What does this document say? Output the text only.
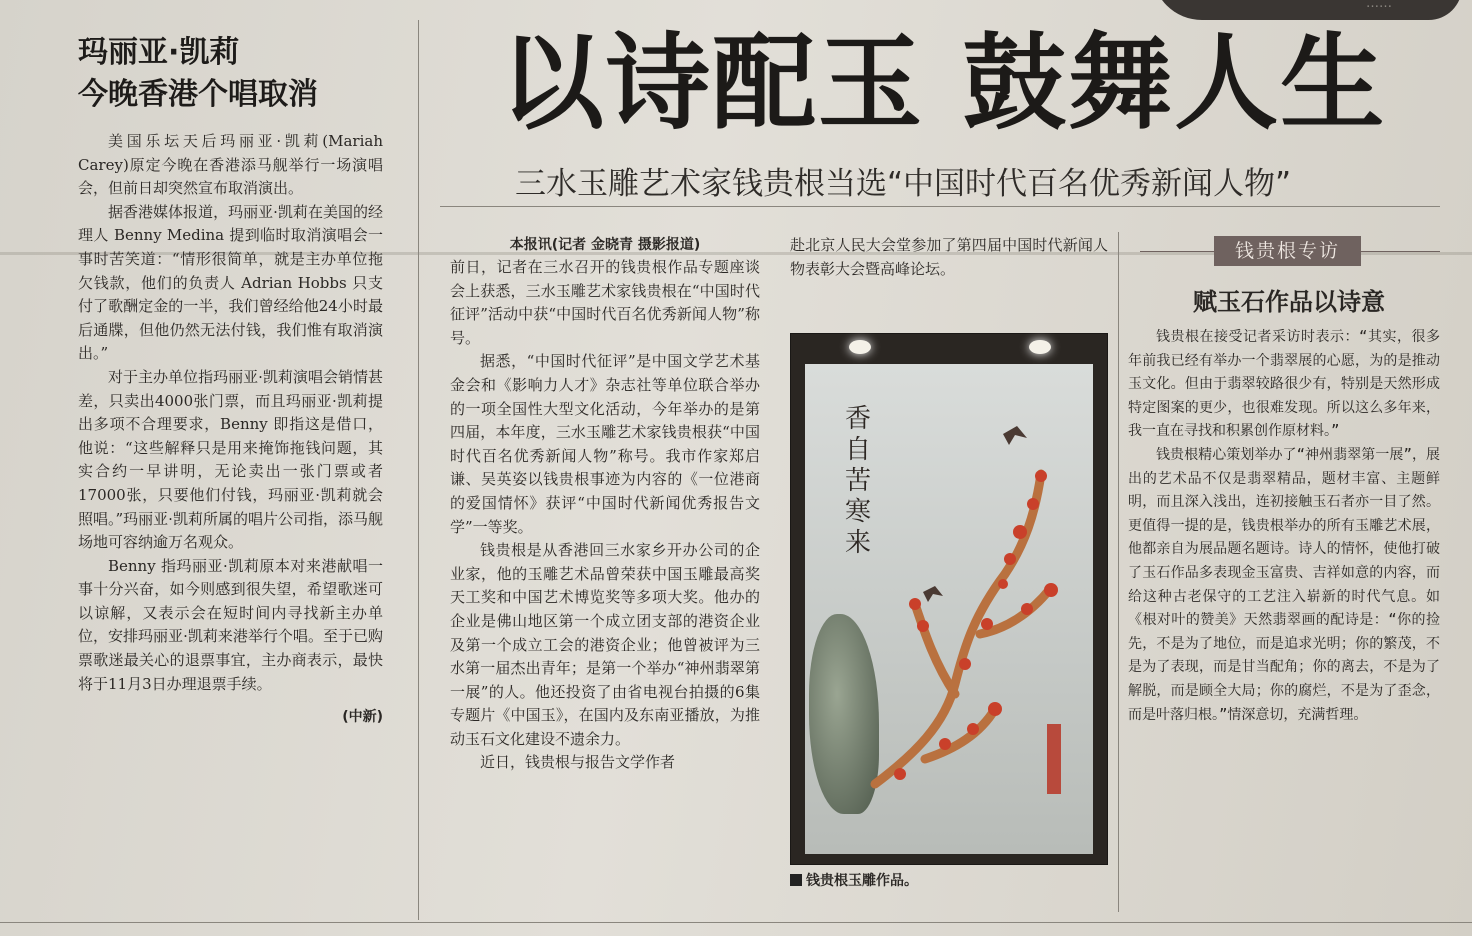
……
玛丽亚·凯莉
今晚香港个唱取消

美国乐坛天后玛丽亚·凯莉(Mariah Carey)原定今晚在香港添马舰举行一场演唱会，但前日却突然宣布取消演出。

据香港媒体报道，玛丽亚·凯莉在美国的经理人 Benny Medina 提到临时取消演唱会一事时苦笑道：“情形很简单，就是主办单位拖欠钱款，他们的负责人 Adrian Hobbs 只支付了歌酬定金的一半，我们曾经给他24小时最后通牒，但他仍然无法付钱，我们惟有取消演出。”

对于主办单位指玛丽亚·凯莉演唱会销情甚差，只卖出4000张门票，而且玛丽亚·凯莉提出多项不合理要求，Benny 即指这是借口，他说：“这些解释只是用来掩饰拖钱问题，其实合约一早讲明，无论卖出一张门票或者17000张，只要他们付钱，玛丽亚·凯莉就会照唱。”玛丽亚·凯莉所属的唱片公司指，添马舰场地可容纳逾万名观众。

Benny 指玛丽亚·凯莉原本对来港献唱一事十分兴奋，如今则感到很失望，希望歌迷可以谅解，又表示会在短时间内寻找新主办单位，安排玛丽亚·凯莉来港举行个唱。至于已购票歌迷最关心的退票事宜，主办商表示，最快将于11月3日办理退票手续。

(中新)
以诗配玉 鼓舞人生

三水玉雕艺术家钱贵根当选“中国时代百名优秀新闻人物”

本报讯(记者 金晓青 摄影报道)

前日，记者在三水召开的钱贵根作品专题座谈会上获悉，三水玉雕艺术家钱贵根在“中国时代征评”活动中获“中国时代百名优秀新闻人物”称号。

据悉，“中国时代征评”是中国文学艺术基金会和《影响力人才》杂志社等单位联合举办的一项全国性大型文化活动，今年举办的是第四届，本年度，三水玉雕艺术家钱贵根获“中国时代百名优秀新闻人物”称号。我市作家郑启谦、吴英姿以钱贵根事迹为内容的《一位港商的爱国情怀》获评“中国时代新闻优秀报告文学”一等奖。

钱贵根是从香港回三水家乡开办公司的企业家，他的玉雕艺术品曾荣获中国玉雕最高奖天工奖和中国艺术博览奖等多项大奖。他办的企业是佛山地区第一个成立团支部的港资企业及第一个成立工会的港资企业；他曾被评为三水第一届杰出青年；是第一个举办“神州翡翠第一展”的人。他还投资了由省电视台拍摄的6集专题片《中国玉》，在国内及东南亚播放，为推动玉石文化建设不遗余力。

近日，钱贵根与报告文学作者

赴北京人民大会堂参加了第四届中国时代新闻人物表彰大会暨高峰论坛。

香
自
苦
寒
来
钱贵根玉雕作品。
钱贵根专访
赋玉石作品以诗意

钱贵根在接受记者采访时表示：“其实，很多年前我已经有举办一个翡翠展的心愿，为的是推动玉文化。但由于翡翠较路很少有，特别是天然形成特定图案的更少，也很难发现。所以这么多年来，我一直在寻找和积累创作原材料。”

钱贵根精心策划举办了“神州翡翠第一展”，展出的艺术品不仅是翡翠精品，题材丰富、主题鲜明，而且深入浅出，连初接触玉石者亦一目了然。更值得一提的是，钱贵根举办的所有玉雕艺术展，他都亲自为展品题名题诗。诗人的情怀，使他打破了玉石作品多表现金玉富贵、吉祥如意的内容，而给这种古老保守的工艺注入崭新的时代气息。如《根对叶的赞美》天然翡翠画的配诗是：“你的捡先，不是为了地位，而是追求光明；你的繁茂，不是为了表现，而是甘当配角；你的离去，不是为了解脱，而是顾全大局；你的腐烂，不是为了歪念，而是叶落归根。”情深意切，充满哲理。
